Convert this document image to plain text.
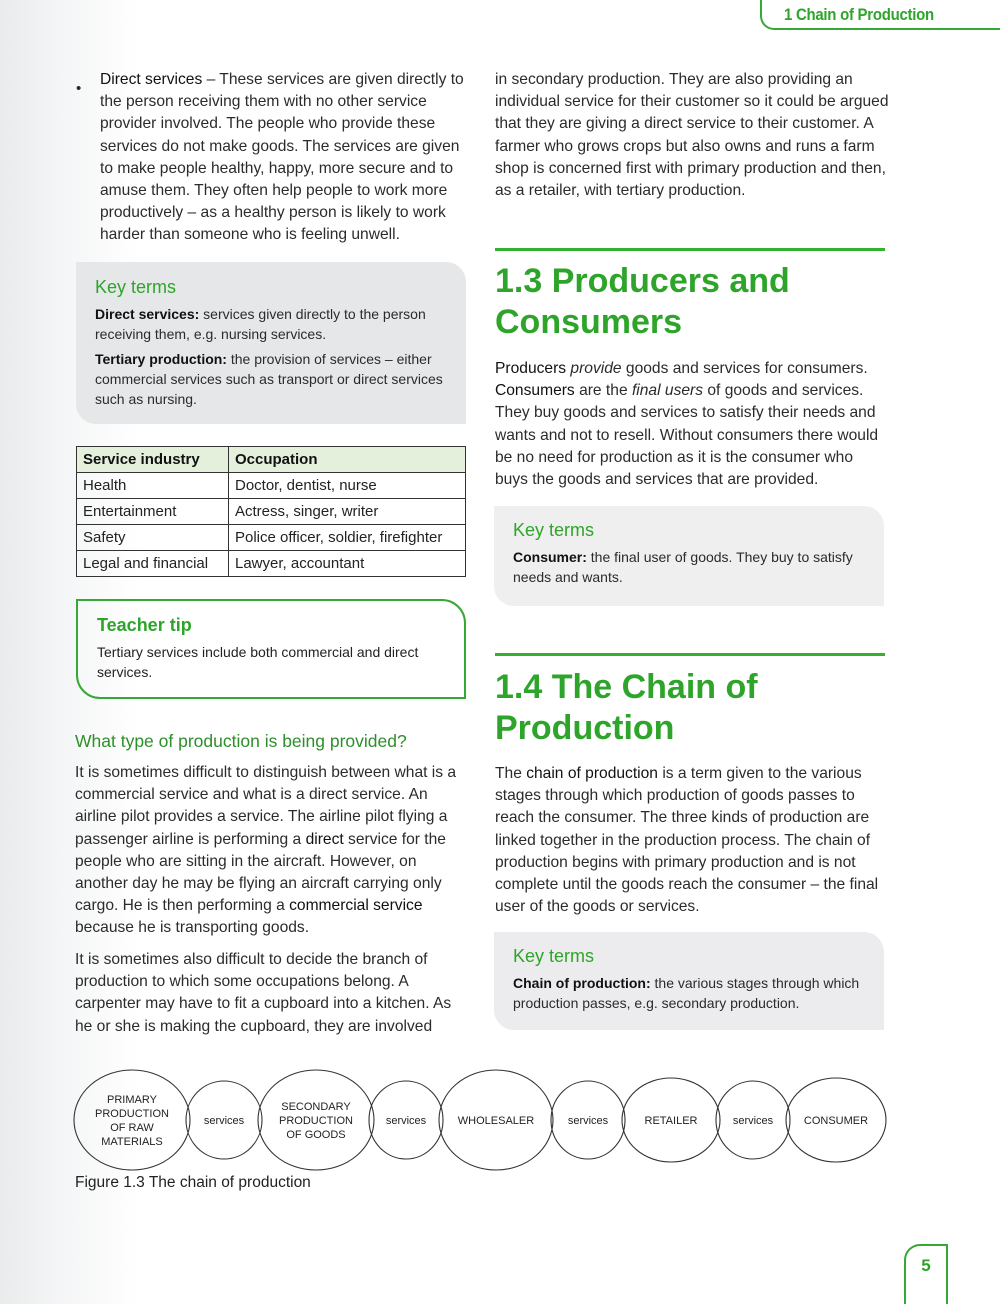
1 Chain of Production
•

Direct services – These services are given directly to the person receiving them with no other service provider involved. The people who provide these services do not make goods. The services are given to make people healthy, happy, more secure and to amuse them. They often help people to work more productively – as a healthy person is likely to work harder than someone who is feeling unwell.

Key terms

Direct services: services given directly to the person receiving them, e.g. nursing services.

Tertiary production: the provision of services – either commercial services such as transport or direct services such as nursing.

Service industry	Occupation
Health	Doctor, dentist, nurse
Entertainment	Actress, singer, writer
Safety	Police officer, soldier, firefighter
Legal and financial	Lawyer, accountant
Teacher tip

Tertiary services include both commercial and direct services.

What type of production is being provided?

It is sometimes difficult to distinguish between what is a commercial service and what is a direct service. An airline pilot provides a service. The airline pilot flying a passenger airline is performing a direct service for the people who are sitting in the aircraft. However, on another day he may be flying an aircraft carrying only cargo. He is then performing a commercial service because he is transporting goods.

It is sometimes also difficult to decide the branch of production to which some occupations belong. A carpenter may have to fit a cupboard into a kitchen. As he or she is making the cupboard, they are involved

in secondary production. They are also providing an individual service for their customer so it could be argued that they are giving a direct service to their customer. A farmer who grows crops but also owns and runs a farm shop is concerned first with primary production and then, as a retailer, with tertiary production.

1.3 Producers and Consumers

Producers provide goods and services for consumers. Consumers are the final users of goods and services. They buy goods and services to satisfy their needs and wants and not to resell. Without consumers there would be no need for production as it is the consumer who buys the goods and services that are provided.

Key terms

Consumer: the final user of goods. They buy to satisfy needs and wants.

1.4 The Chain of Production

The chain of production is a term given to the various stages through which production of goods passes to reach the consumer. The three kinds of production are linked together in the production process. The chain of production begins with primary production and is not complete until the goods reach the consumer – the final user of the goods or services.

Key terms

Chain of production: the various stages through which production passes, e.g. secondary production.

PRIMARY
PRODUCTION
OF RAW
MATERIALS
services
SECONDARY
PRODUCTION
OF GOODS
services	WHOLESALER	services	RETAILER	services	CONSUMER
Figure 1.3 The chain of production
5
